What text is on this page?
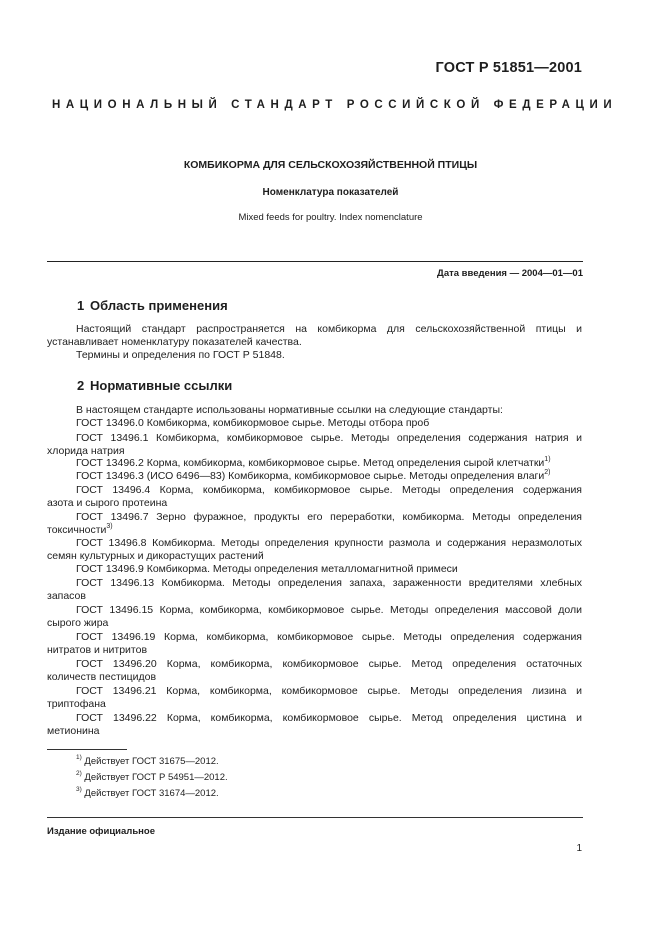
ГОСТ Р 51851—2001
НАЦИОНАЛЬНЫЙ СТАНДАРТ РОССИЙСКОЙ ФЕДЕРАЦИИ
КОМБИКОРМА ДЛЯ СЕЛЬСКОХОЗЯЙСТВЕННОЙ ПТИЦЫ
Номенклатура показателей
Mixed feeds for poultry. Index nomenclature
Дата введения — 2004—01—01
1 Область применения
Настоящий стандарт распространяется на комбикорма для сельскохозяйственной птицы и
устанавливает номенклатуру показателей качества.
Термины и определения по ГОСТ Р 51848.
2 Нормативные ссылки
В настоящем стандарте использованы нормативные ссылки на следующие стандарты:
ГОСТ 13496.0 Комбикорма, комбикормовое сырье. Методы отбора проб
ГОСТ 13496.1 Комбикорма, комбикормовое сырье. Методы определения содержания натрия и
хлорида натрия
ГОСТ 13496.2 Корма, комбикорма, комбикормовое сырье. Метод определения сырой клетчатки$^{1)}$
ГОСТ 13496.3 (ИСО 6496—83) Комбикорма, комбикормовое сырье. Методы определения влаги$^{2)}$
ГОСТ 13496.4 Корма, комбикорма, комбикормовое сырье. Методы определения содержания
азота и сырого протеина
ГОСТ 13496.7 Зерно фуражное, продукты его переработки, комбикорма. Методы определения
токсичности$^{3)}$
ГОСТ 13496.8 Комбикорма. Методы определения крупности размола и содержания неразмолотых
семян культурных и дикорастущих растений
ГОСТ 13496.9 Комбикорма. Методы определения металломагнитной примеси
ГОСТ 13496.13 Комбикорма. Методы определения запаха, зараженности вредителями хлебных
запасов
ГОСТ 13496.15 Корма, комбикорма, комбикормовое сырье. Методы определения массовой доли
сырого жира
ГОСТ 13496.19 Корма, комбикорма, комбикормовое сырье. Методы определения содержания
нитратов и нитритов
ГОСТ 13496.20 Корма, комбикорма, комбикормовое сырье. Метод определения остаточных
количеств пестицидов
ГОСТ 13496.21 Корма, комбикорма, комбикормовое сырье. Методы определения лизина и
триптофана
ГОСТ 13496.22 Корма, комбикорма, комбикормовое сырье. Метод определения цистина и
метионина
$^{1)}$ Действует ГОСТ 31675—2012.
$^{2)}$ Действует ГОСТ Р 54951—2012.
$^{3)}$ Действует ГОСТ 31674—2012.
Издание официальное
1
